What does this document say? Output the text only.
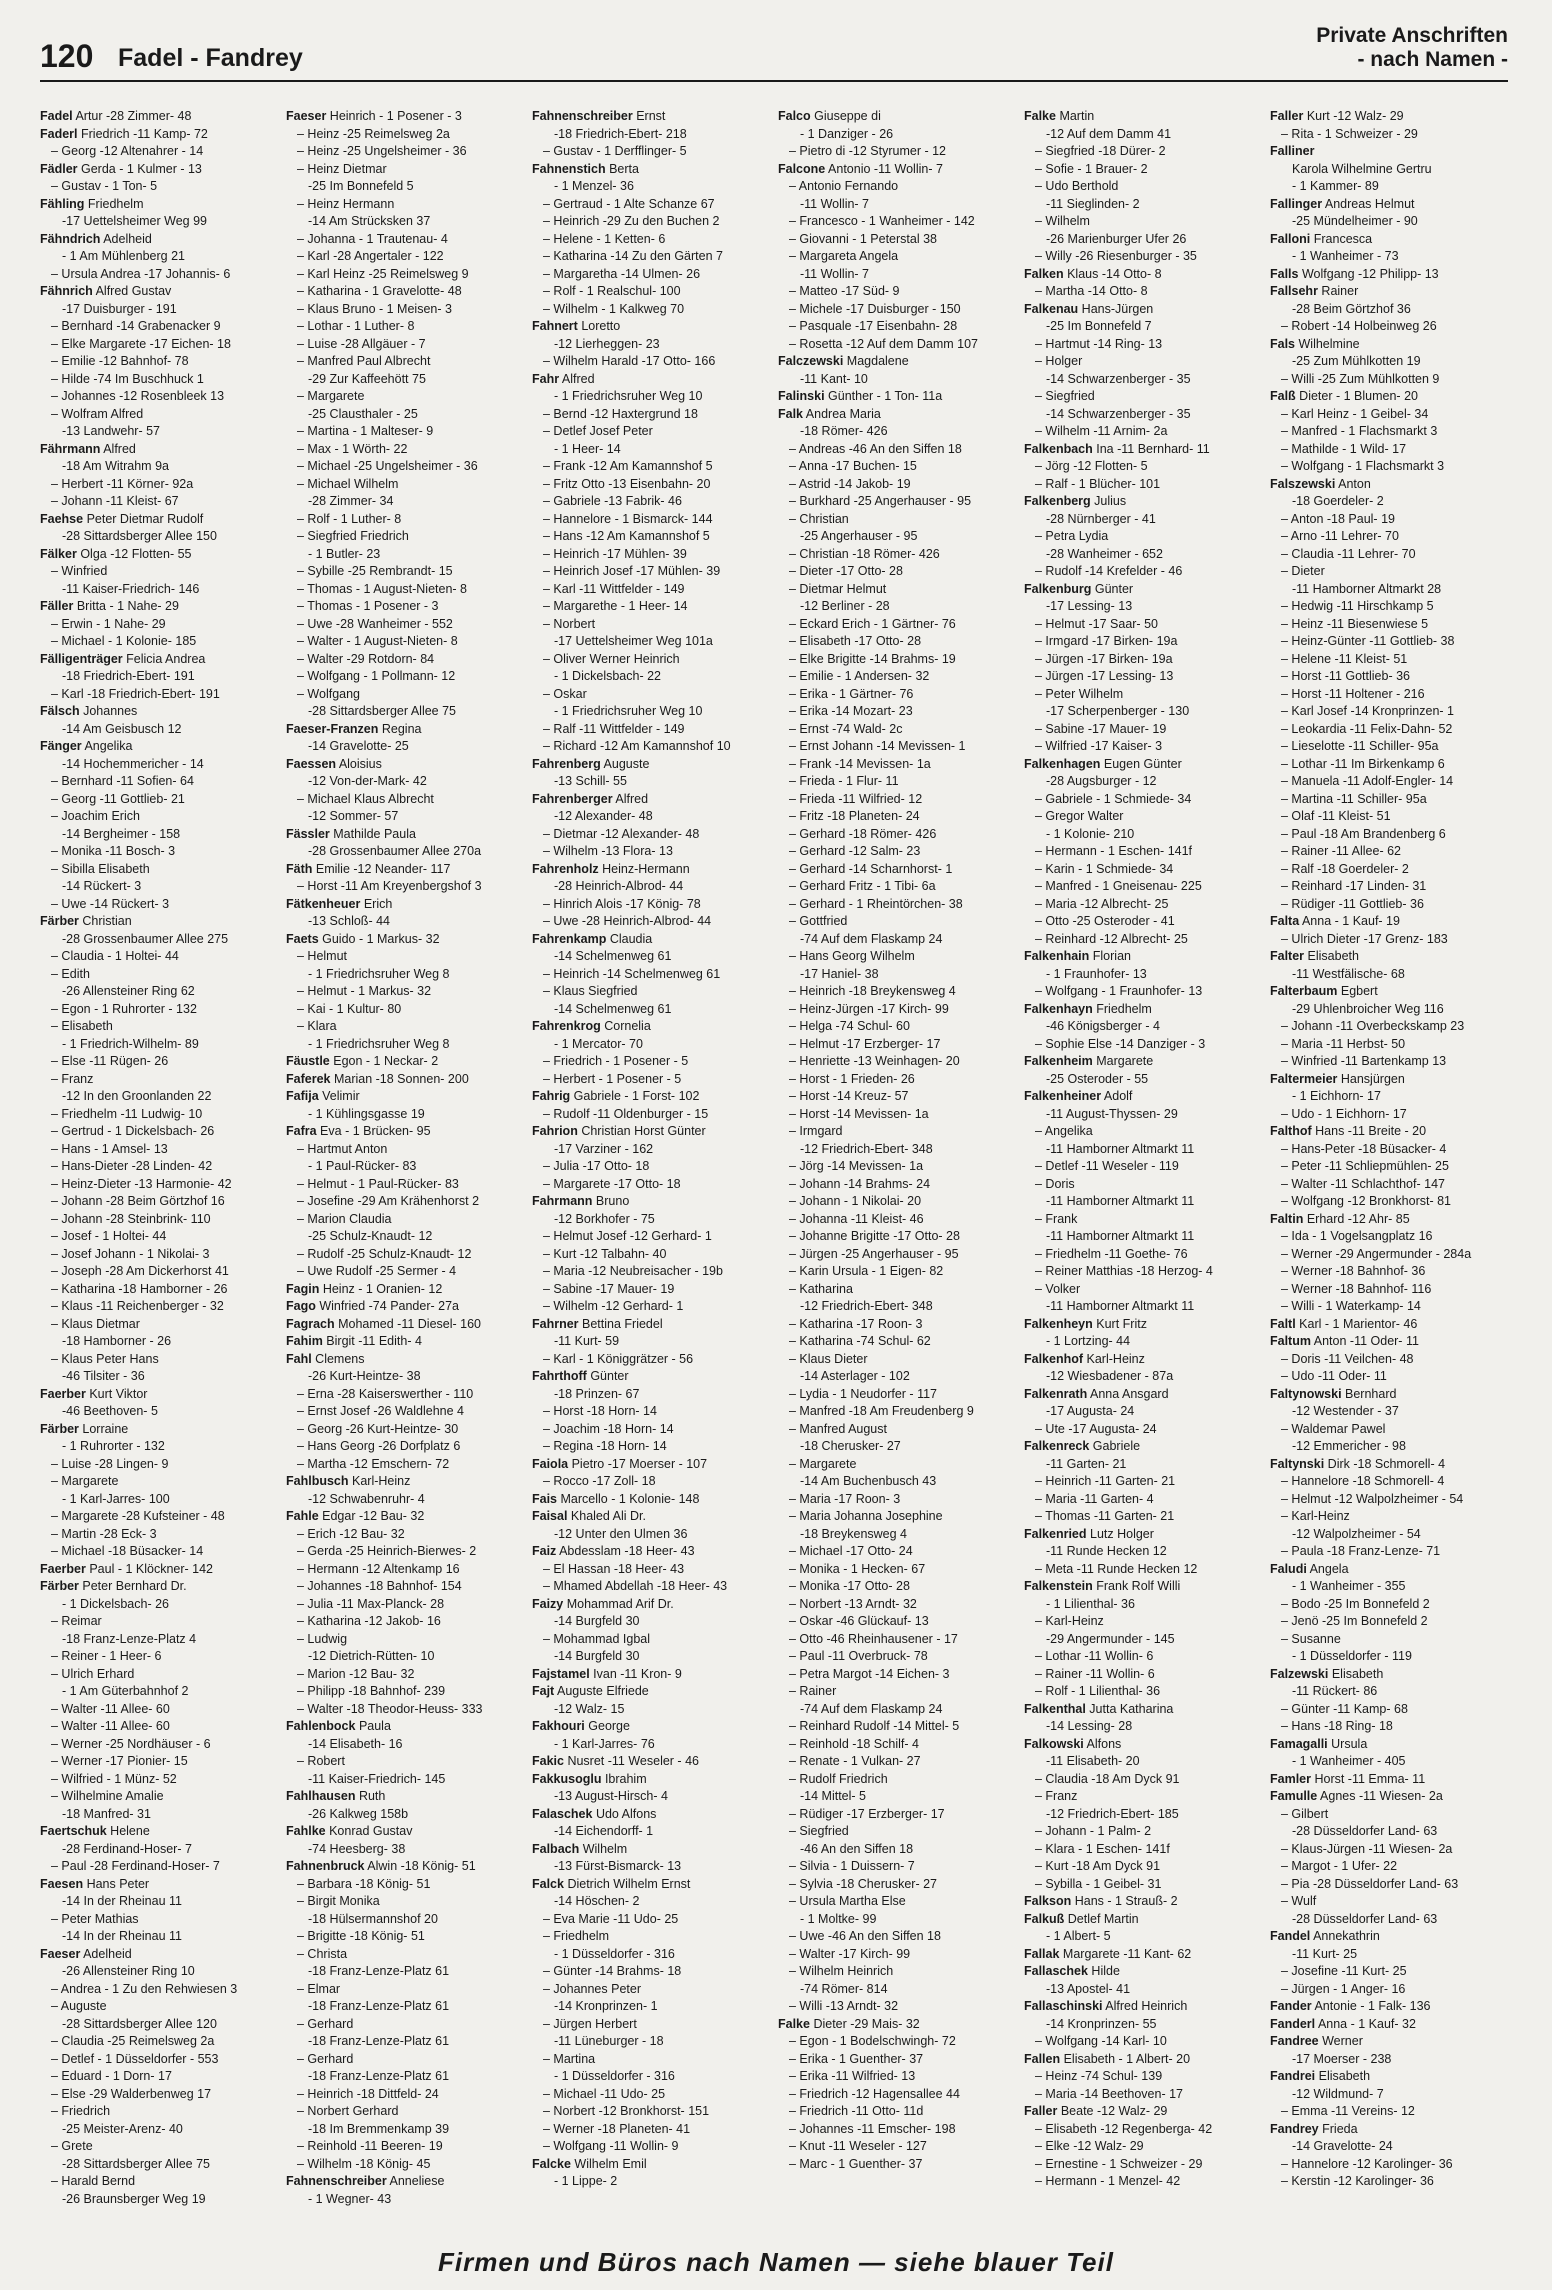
120 Fadel - Fandrey
Private Anschriften
- nach Namen -
Fadel Artur -28 Zimmer- 48
Faderl Friedrich -11 Kamp- 72
– Georg -12 Altenahrer - 14
Fädler Gerda - 1 Kulmer - 13
– Gustav - 1 Ton- 5
Fähling Friedhelm
-17 Uettelsheimer Weg 99
Fähndrich Adelheid
- 1 Am Mühlenberg 21
– Ursula Andrea -17 Johannis- 6
Fähnrich Alfred Gustav
-17 Duisburger - 191
– Bernhard -14 Grabenacker 9
– Elke Margarete -17 Eichen- 18
– Emilie -12 Bahnhof- 78
– Hilde -74 Im Buschhuck 1
– Johannes -12 Rosenbleek 13
– Wolfram Alfred
-13 Landwehr- 57
Fährmann Alfred
-18 Am Witrahm 9a
– Herbert -11 Körner- 92a
– Johann -11 Kleist- 67
Faehse Peter Dietmar Rudolf
-28 Sittardsberger Allee 150
Fälker Olga -12 Flotten- 55
– Winfried
-11 Kaiser-Friedrich- 146
Fäller Britta - 1 Nahe- 29
– Erwin - 1 Nahe- 29
– Michael - 1 Kolonie- 185
Fälligenträger Felicia Andrea
-18 Friedrich-Ebert- 191
– Karl -18 Friedrich-Ebert- 191
Fälsch Johannes
-14 Am Geisbusch 12
Fänger Angelika
-14 Hochemmericher - 14
– Bernhard -11 Sofien- 64
– Georg -11 Gottlieb- 21
– Joachim Erich
-14 Bergheimer - 158
– Monika -11 Bosch- 3
– Sibilla Elisabeth
-14 Rückert- 3
– Uwe -14 Rückert- 3
Färber Christian
-28 Grossenbaumer Allee 275
– Claudia - 1 Holtei- 44
– Edith
-26 Allensteiner Ring 62
– Egon - 1 Ruhrorter - 132
– Elisabeth
- 1 Friedrich-Wilhelm- 89
– Else -11 Rügen- 26
– Franz
-12 In den Groonlanden 22
– Friedhelm -11 Ludwig- 10
– Gertrud - 1 Dickelsbach- 26
– Hans - 1 Amsel- 13
– Hans-Dieter -28 Linden- 42
– Heinz-Dieter -13 Harmonie- 42
– Johann -28 Beim Görtzhof 16
– Johann -28 Steinbrink- 110
– Josef - 1 Holtei- 44
– Josef Johann - 1 Nikolai- 3
– Joseph -28 Am Dickerhorst 41
– Katharina -18 Hamborner - 26
– Klaus -11 Reichenberger - 32
– Klaus Dietmar
-18 Hamborner - 26
– Klaus Peter Hans
-46 Tilsiter - 36
Faerber Kurt Viktor
-46 Beethoven- 5
Färber Lorraine
- 1 Ruhrorter - 132
– Luise -28 Lingen- 9
– Margarete
- 1 Karl-Jarres- 100
– Margarete -28 Kufsteiner - 48
– Martin -28 Eck- 3
– Michael -18 Büsacker- 14
Faerber Paul - 1 Klöckner- 142
Färber Peter Bernhard Dr.
- 1 Dickelsbach- 26
– Reimar
-18 Franz-Lenze-Platz 4
– Reiner - 1 Heer- 6
– Ulrich Erhard
- 1 Am Güterbahnhof 2
– Walter -11 Allee- 60
– Walter -11 Allee- 60
– Werner -25 Nordhäuser - 6
– Werner -17 Pionier- 15
– Wilfried - 1 Münz- 52
– Wilhelmine Amalie
-18 Manfred- 31
Faertschuk Helene
-28 Ferdinand-Hoser- 7
– Paul -28 Ferdinand-Hoser- 7
Faesen Hans Peter
-14 In der Rheinau 11
– Peter Mathias
-14 In der Rheinau 11
Faeser Adelheid
-26 Allensteiner Ring 10
– Andrea - 1 Zu den Rehwiesen 3
– Auguste
-28 Sittardsberger Allee 120
– Claudia -25 Reimelsweg 2a
– Detlef - 1 Düsseldorfer - 553
– Eduard - 1 Dorn- 17
– Else -29 Walderbenweg 17
– Friedrich
-25 Meister-Arenz- 40
– Grete
-28 Sittardsberger Allee 75
– Harald Bernd
-26 Braunsberger Weg 19
Faeser Heinrich - 1 Posener - 3
– Heinz -25 Reimelsweg 2a
– Heinz -25 Ungelsheimer - 36
– Heinz Dietmar
-25 Im Bonnefeld 5
– Heinz Hermann
-14 Am Strücksken 37
– Johanna - 1 Trautenau- 4
– Karl -28 Angertaler - 122
– Karl Heinz -25 Reimelsweg 9
– Katharina - 1 Gravelotte- 48
– Klaus Bruno - 1 Meisen- 3
– Lothar - 1 Luther- 8
– Luise -28 Allgäuer - 7
– Manfred Paul Albrecht
-29 Zur Kaffeehött 75
– Margarete
-25 Clausthaler - 25
– Martina - 1 Malteser- 9
– Max - 1 Wörth- 22
– Michael -25 Ungelsheimer - 36
– Michael Wilhelm
-28 Zimmer- 34
– Rolf - 1 Luther- 8
– Siegfried Friedrich
- 1 Butler- 23
– Sybille -25 Rembrandt- 15
– Thomas - 1 August-Nieten- 8
– Thomas - 1 Posener - 3
– Uwe -28 Wanheimer - 552
– Walter - 1 August-Nieten- 8
– Walter -29 Rotdorn- 84
– Wolfgang - 1 Pollmann- 12
– Wolfgang
-28 Sittardsberger Allee 75
Faeser-Franzen Regina
-14 Gravelotte- 25
Faessen Aloisius
-12 Von-der-Mark- 42
– Michael Klaus Albrecht
-12 Sommer- 57
Fässler Mathilde Paula
-28 Grossenbaumer Allee 270a
Fäth Emilie -12 Neander- 117
– Horst -11 Am Kreyenbergshof 3
Fätkenheuer Erich
-13 Schloß- 44
Faets Guido - 1 Markus- 32
– Helmut
- 1 Friedrichsruher Weg 8
– Helmut - 1 Markus- 32
– Kai - 1 Kultur- 80
– Klara
- 1 Friedrichsruher Weg 8
Fäustle Egon - 1 Neckar- 2
Faferek Marian -18 Sonnen- 200
Fafija Velimir
- 1 Kühlingsgasse 19
Fafra Eva - 1 Brücken- 95
– Hartmut Anton
- 1 Paul-Rücker- 83
– Helmut - 1 Paul-Rücker- 83
– Josefine -29 Am Krähenhorst 2
– Marion Claudia
-25 Schulz-Knaudt- 12
– Rudolf -25 Schulz-Knaudt- 12
– Uwe Rudolf -25 Sermer - 4
Fagin Heinz - 1 Oranien- 12
Fago Winfried -74 Pander- 27a
Fagrach Mohamed -11 Diesel- 160
Fahim Birgit -11 Edith- 4
Fahl Clemens
-26 Kurt-Heintze- 38
– Erna -28 Kaiserswerther - 110
– Ernst Josef -26 Waldlehne 4
– Georg -26 Kurt-Heintze- 30
– Hans Georg -26 Dorfplatz 6
– Martha -12 Emschern- 72
Fahlbusch Karl-Heinz
-12 Schwabenruhr- 4
Fahle Edgar -12 Bau- 32
– Erich -12 Bau- 32
– Gerda -25 Heinrich-Bierwes- 2
– Hermann -12 Altenkamp 16
– Johannes -18 Bahnhof- 154
– Julia -11 Max-Planck- 28
– Katharina -12 Jakob- 16
– Ludwig
-12 Dietrich-Rütten- 10
– Marion -12 Bau- 32
– Philipp -18 Bahnhof- 239
– Walter -18 Theodor-Heuss- 333
Fahlenbock Paula
-14 Elisabeth- 16
– Robert
-11 Kaiser-Friedrich- 145
Fahlhausen Ruth
-26 Kalkweg 158b
Fahlke Konrad Gustav
-74 Heesberg- 38
Fahnenbruck Alwin -18 König- 51
– Barbara -18 König- 51
– Birgit Monika
-18 Hülsermannshof 20
– Brigitte -18 König- 51
– Christa
-18 Franz-Lenze-Platz 61
– Elmar
-18 Franz-Lenze-Platz 61
– Gerhard
-18 Franz-Lenze-Platz 61
– Gerhard
-18 Franz-Lenze-Platz 61
– Heinrich -18 Dittfeld- 24
– Norbert Gerhard
-18 Im Bremmenkamp 39
– Reinhold -11 Beeren- 19
– Wilhelm -18 König- 45
Fahnenschreiber Anneliese
- 1 Wegner- 43
Fahnenschreiber Ernst
-18 Friedrich-Ebert- 218
– Gustav - 1 Derfflinger- 5
Fahnenstich Berta
- 1 Menzel- 36
– Gertraud - 1 Alte Schanze 67
– Heinrich -29 Zu den Buchen 2
– Helene - 1 Ketten- 6
– Katharina -14 Zu den Gärten 7
– Margaretha -14 Ulmen- 26
– Rolf - 1 Realschul- 100
– Wilhelm - 1 Kalkweg 70
Fahnert Loretto
-12 Lierheggen- 23
– Wilhelm Harald -17 Otto- 166
Fahr Alfred
- 1 Friedrichsruher Weg 10
– Bernd -12 Haxtergrund 18
– Detlef Josef Peter
- 1 Heer- 14
– Frank -12 Am Kamannshof 5
– Fritz Otto -13 Eisenbahn- 20
– Gabriele -13 Fabrik- 46
– Hannelore - 1 Bismarck- 144
– Hans -12 Am Kamannshof 5
– Heinrich -17 Mühlen- 39
– Heinrich Josef -17 Mühlen- 39
– Karl -11 Wittfelder - 149
– Margarethe - 1 Heer- 14
– Norbert
-17 Uettelsheimer Weg 101a
– Oliver Werner Heinrich
- 1 Dickelsbach- 22
– Oskar
- 1 Friedrichsruher Weg 10
– Ralf -11 Wittfelder - 149
– Richard -12 Am Kamannshof 10
Fahrenberg Auguste
-13 Schill- 55
Fahrenberger Alfred
-12 Alexander- 48
– Dietmar -12 Alexander- 48
– Wilhelm -13 Flora- 13
Fahrenholz Heinz-Hermann
-28 Heinrich-Albrod- 44
– Hinrich Alois -17 König- 78
– Uwe -28 Heinrich-Albrod- 44
Fahrenkamp Claudia
-14 Schelmenweg 61
– Heinrich -14 Schelmenweg 61
– Klaus Siegfried
-14 Schelmenweg 61
Fahrenkrog Cornelia
- 1 Mercator- 70
– Friedrich - 1 Posener - 5
– Herbert - 1 Posener - 5
Fahrig Gabriele - 1 Forst- 102
– Rudolf -11 Oldenburger - 15
Fahrion Christian Horst Günter
-17 Varziner - 162
– Julia -17 Otto- 18
– Margarete -17 Otto- 18
Fahrmann Bruno
-12 Borkhofer - 75
– Helmut Josef -12 Gerhard- 1
– Kurt -12 Talbahn- 40
– Maria -12 Neubreisacher - 19b
– Sabine -17 Mauer- 19
– Wilhelm -12 Gerhard- 1
Fahrner Bettina Friedel
-11 Kurt- 59
– Karl - 1 Königgrätzer - 56
Fahrthoff Günter
-18 Prinzen- 67
– Horst -18 Horn- 14
– Joachim -18 Horn- 14
– Regina -18 Horn- 14
Faiola Pietro -17 Moerser - 107
– Rocco -17 Zoll- 18
Fais Marcello - 1 Kolonie- 148
Faisal Khaled Ali Dr.
-12 Unter den Ulmen 36
Faiz Abdesslam -18 Heer- 43
– El Hassan -18 Heer- 43
– Mhamed Abdellah -18 Heer- 43
Faizy Mohammad Arif Dr.
-14 Burgfeld 30
– Mohammad Igbal
-14 Burgfeld 30
Fajstamel Ivan -11 Kron- 9
Fajt Auguste Elfriede
-12 Walz- 15
Fakhouri George
- 1 Karl-Jarres- 76
Fakic Nusret -11 Weseler - 46
Fakkusoglu Ibrahim
-13 August-Hirsch- 4
Falaschek Udo Alfons
-14 Eichendorff- 1
Falbach Wilhelm
-13 Fürst-Bismarck- 13
Falck Dietrich Wilhelm Ernst
-14 Höschen- 2
– Eva Marie -11 Udo- 25
– Friedhelm
- 1 Düsseldorfer - 316
– Günter -14 Brahms- 18
– Johannes Peter
-14 Kronprinzen- 1
– Jürgen Herbert
-11 Lüneburger - 18
– Martina
- 1 Düsseldorfer - 316
– Michael -11 Udo- 25
– Norbert -12 Bronkhorst- 151
– Werner -18 Planeten- 41
– Wolfgang -11 Wollin- 9
Falcke Wilhelm Emil
- 1 Lippe- 2
Falco Giuseppe di
- 1 Danziger - 26
– Pietro di -12 Styrumer - 12
Falcone Antonio -11 Wollin- 7
– Antonio Fernando
-11 Wollin- 7
– Francesco - 1 Wanheimer - 142
– Giovanni - 1 Peterstal 38
– Margareta Angela
-11 Wollin- 7
– Matteo -17 Süd- 9
– Michele -17 Duisburger - 150
– Pasquale -17 Eisenbahn- 28
– Rosetta -12 Auf dem Damm 107
Falczewski Magdalene
-11 Kant- 10
Falinski Günther - 1 Ton- 11a
Falk Andrea Maria
-18 Römer- 426
– Andreas -46 An den Siffen 18
– Anna -17 Buchen- 15
– Astrid -14 Jakob- 19
– Burkhard -25 Angerhauser - 95
– Christian
-25 Angerhauser - 95
– Christian -18 Römer- 426
– Dieter -17 Otto- 28
– Dietmar Helmut
-12 Berliner - 28
– Eckard Erich - 1 Gärtner- 76
– Elisabeth -17 Otto- 28
– Elke Brigitte -14 Brahms- 19
– Emilie - 1 Andersen- 32
– Erika - 1 Gärtner- 76
– Erika -14 Mozart- 23
– Ernst -74 Wald- 2c
– Ernst Johann -14 Mevissen- 1
– Frank -14 Mevissen- 1a
– Frieda - 1 Flur- 11
– Frieda -11 Wilfried- 12
– Fritz -18 Planeten- 24
– Gerhard -18 Römer- 426
– Gerhard -12 Salm- 23
– Gerhard -14 Scharnhorst- 1
– Gerhard Fritz - 1 Tibi- 6a
– Gerhard - 1 Rheintörchen- 38
– Gottfried
-74 Auf dem Flaskamp 24
– Hans Georg Wilhelm
-17 Haniel- 38
– Heinrich -18 Breykensweg 4
– Heinz-Jürgen -17 Kirch- 99
– Helga -74 Schul- 60
– Helmut -17 Erzberger- 17
– Henriette -13 Weinhagen- 20
– Horst - 1 Frieden- 26
– Horst -14 Kreuz- 57
– Horst -14 Mevissen- 1a
– Irmgard
-12 Friedrich-Ebert- 348
– Jörg -14 Mevissen- 1a
– Johann -14 Brahms- 24
– Johann - 1 Nikolai- 20
– Johanna -11 Kleist- 46
– Johanne Brigitte -17 Otto- 28
– Jürgen -25 Angerhauser - 95
– Karin Ursula - 1 Eigen- 82
– Katharina
-12 Friedrich-Ebert- 348
– Katharina -17 Roon- 3
– Katharina -74 Schul- 62
– Klaus Dieter
-14 Asterlager - 102
– Lydia - 1 Neudorfer - 117
– Manfred -18 Am Freudenberg 9
– Manfred August
-18 Cherusker- 27
– Margarete
-14 Am Buchenbusch 43
– Maria -17 Roon- 3
– Maria Johanna Josephine
-18 Breykensweg 4
– Michael -17 Otto- 24
– Monika - 1 Hecken- 67
– Monika -17 Otto- 28
– Norbert -13 Arndt- 32
– Oskar -46 Glückauf- 13
– Otto -46 Rheinhausener - 17
– Paul -11 Overbruck- 78
– Petra Margot -14 Eichen- 3
– Rainer
-74 Auf dem Flaskamp 24
– Reinhard Rudolf -14 Mittel- 5
– Reinhold -18 Schilf- 4
– Renate - 1 Vulkan- 27
– Rudolf Friedrich
-14 Mittel- 5
– Rüdiger -17 Erzberger- 17
– Siegfried
-46 An den Siffen 18
– Silvia - 1 Duissern- 7
– Sylvia -18 Cherusker- 27
– Ursula Martha Else
- 1 Moltke- 99
– Uwe -46 An den Siffen 18
– Walter -17 Kirch- 99
– Wilhelm Heinrich
-74 Römer- 814
– Willi -13 Arndt- 32
Falke Dieter -29 Mais- 32
– Egon - 1 Bodelschwingh- 72
– Erika - 1 Guenther- 37
– Erika -11 Wilfried- 13
– Friedrich -12 Hagensallee 44
– Friedrich -11 Otto- 11d
– Johannes -11 Emscher- 198
– Knut -11 Weseler - 127
– Marc - 1 Guenther- 37
Falke Martin
-12 Auf dem Damm 41
– Siegfried -18 Dürer- 2
– Sofie - 1 Brauer- 2
– Udo Berthold
-11 Sieglinden- 2
– Wilhelm
-26 Marienburger Ufer 26
– Willy -26 Riesenburger - 35
Falken Klaus -14 Otto- 8
– Martha -14 Otto- 8
Falkenau Hans-Jürgen
-25 Im Bonnefeld 7
– Hartmut -14 Ring- 13
– Holger
-14 Schwarzenberger - 35
– Siegfried
-14 Schwarzenberger - 35
– Wilhelm -11 Arnim- 2a
Falkenbach Ina -11 Bernhard- 11
– Jörg -12 Flotten- 5
– Ralf - 1 Blücher- 101
Falkenberg Julius
-28 Nürnberger - 41
– Petra Lydia
-28 Wanheimer - 652
– Rudolf -14 Krefelder - 46
Falkenburg Günter
-17 Lessing- 13
– Helmut -17 Saar- 50
– Irmgard -17 Birken- 19a
– Jürgen -17 Birken- 19a
– Jürgen -17 Lessing- 13
– Peter Wilhelm
-17 Scherpenberger - 130
– Sabine -17 Mauer- 19
– Wilfried -17 Kaiser- 3
Falkenhagen Eugen Günter
-28 Augsburger - 12
– Gabriele - 1 Schmiede- 34
– Gregor Walter
- 1 Kolonie- 210
– Hermann - 1 Eschen- 141f
– Karin - 1 Schmiede- 34
– Manfred - 1 Gneisenau- 225
– Maria -12 Albrecht- 25
– Otto -25 Osteroder - 41
– Reinhard -12 Albrecht- 25
Falkenhain Florian
- 1 Fraunhofer- 13
– Wolfgang - 1 Fraunhofer- 13
Falkenhayn Friedhelm
-46 Königsberger - 4
– Sophie Else -14 Danziger - 3
Falkenheim Margarete
-25 Osteroder - 55
Falkenheiner Adolf
-11 August-Thyssen- 29
– Angelika
-11 Hamborner Altmarkt 11
– Detlef -11 Weseler - 119
– Doris
-11 Hamborner Altmarkt 11
– Frank
-11 Hamborner Altmarkt 11
– Friedhelm -11 Goethe- 76
– Reiner Matthias -18 Herzog- 4
– Volker
-11 Hamborner Altmarkt 11
Falkenheyn Kurt Fritz
- 1 Lortzing- 44
Falkenhof Karl-Heinz
-12 Wiesbadener - 87a
Falkenrath Anna Ansgard
-17 Augusta- 24
– Ute -17 Augusta- 24
Falkenreck Gabriele
-11 Garten- 21
– Heinrich -11 Garten- 21
– Maria -11 Garten- 4
– Thomas -11 Garten- 21
Falkenried Lutz Holger
-11 Runde Hecken 12
– Meta -11 Runde Hecken 12
Falkenstein Frank Rolf Willi
- 1 Lilienthal- 36
– Karl-Heinz
-29 Angermunder - 145
– Lothar -11 Wollin- 6
– Rainer -11 Wollin- 6
– Rolf - 1 Lilienthal- 36
Falkenthal Jutta Katharina
-14 Lessing- 28
Falkowski Alfons
-11 Elisabeth- 20
– Claudia -18 Am Dyck 91
– Franz
-12 Friedrich-Ebert- 185
– Johann - 1 Palm- 2
– Klara - 1 Eschen- 141f
– Kurt -18 Am Dyck 91
– Sybilla - 1 Geibel- 31
Falkson Hans - 1 Strauß- 2
Falkuß Detlef Martin
- 1 Albert- 5
Fallak Margarete -11 Kant- 62
Fallaschek Hilde
-13 Apostel- 41
Fallaschinski Alfred Heinrich
-14 Kronprinzen- 55
– Wolfgang -14 Karl- 10
Fallen Elisabeth - 1 Albert- 20
– Heinz -74 Schul- 139
– Maria -14 Beethoven- 17
Faller Beate -12 Walz- 29
– Elisabeth -12 Regenberga- 42
– Elke -12 Walz- 29
– Ernestine - 1 Schweizer - 29
– Hermann - 1 Menzel- 42
Faller Kurt -12 Walz- 29
– Rita - 1 Schweizer - 29
Falliner
Karola Wilhelmine Gertru
- 1 Kammer- 89
Fallinger Andreas Helmut
-25 Mündelheimer - 90
Falloni Francesca
- 1 Wanheimer - 73
Falls Wolfgang -12 Philipp- 13
Fallsehr Rainer
-28 Beim Görtzhof 36
– Robert -14 Holbeinweg 26
Fals Wilhelmine
-25 Zum Mühlkotten 19
– Willi -25 Zum Mühlkotten 9
Falß Dieter - 1 Blumen- 20
– Karl Heinz - 1 Geibel- 34
– Manfred - 1 Flachsmarkt 3
– Mathilde - 1 Wild- 17
– Wolfgang - 1 Flachsmarkt 3
Falszewski Anton
-18 Goerdeler- 2
– Anton -18 Paul- 19
– Arno -11 Lehrer- 70
– Claudia -11 Lehrer- 70
– Dieter
-11 Hamborner Altmarkt 28
– Hedwig -11 Hirschkamp 5
– Heinz -11 Biesenwiese 5
– Heinz-Günter -11 Gottlieb- 38
– Helene -11 Kleist- 51
– Horst -11 Gottlieb- 36
– Horst -11 Holtener - 216
– Karl Josef -14 Kronprinzen- 1
– Leokardia -11 Felix-Dahn- 52
– Lieselotte -11 Schiller- 95a
– Lothar -11 Im Birkenkamp 6
– Manuela -11 Adolf-Engler- 14
– Martina -11 Schiller- 95a
– Olaf -11 Kleist- 51
– Paul -18 Am Brandenberg 6
– Rainer -11 Allee- 62
– Ralf -18 Goerdeler- 2
– Reinhard -17 Linden- 31
– Rüdiger -11 Gottlieb- 36
Falta Anna - 1 Kauf- 19
– Ulrich Dieter -17 Grenz- 183
Falter Elisabeth
-11 Westfälische- 68
Falterbaum Egbert
-29 Uhlenbroicher Weg 116
– Johann -11 Overbeckskamp 23
– Maria -11 Herbst- 50
– Winfried -11 Bartenkamp 13
Faltermeier Hansjürgen
- 1 Eichhorn- 17
– Udo - 1 Eichhorn- 17
Falthof Hans -11 Breite - 20
– Hans-Peter -18 Büsacker- 4
– Peter -11 Schliepmühlen- 25
– Walter -11 Schlachthof- 147
– Wolfgang -12 Bronkhorst- 81
Faltin Erhard -12 Ahr- 85
– Ida - 1 Vogelsangplatz 16
– Werner -29 Angermunder - 284a
– Werner -18 Bahnhof- 36
– Werner -18 Bahnhof- 116
– Willi - 1 Waterkamp- 14
Faltl Karl - 1 Marientor- 46
Faltum Anton -11 Oder- 11
– Doris -11 Veilchen- 48
– Udo -11 Oder- 11
Faltynowski Bernhard
-12 Westender - 37
– Waldemar Pawel
-12 Emmericher - 98
Faltynski Dirk -18 Schmorell- 4
– Hannelore -18 Schmorell- 4
– Helmut -12 Walpolzheimer - 54
– Karl-Heinz
-12 Walpolzheimer - 54
– Paula -18 Franz-Lenze- 71
Faludi Angela
- 1 Wanheimer - 355
– Bodo -25 Im Bonnefeld 2
– Jenö -25 Im Bonnefeld 2
– Susanne
- 1 Düsseldorfer - 119
Falzewski Elisabeth
-11 Rückert- 86
– Günter -11 Kamp- 68
– Hans -18 Ring- 18
Famagalli Ursula
- 1 Wanheimer - 405
Famler Horst -11 Emma- 11
Famulle Agnes -11 Wiesen- 2a
– Gilbert
-28 Düsseldorfer Land- 63
– Klaus-Jürgen -11 Wiesen- 2a
– Margot - 1 Ufer- 22
– Pia -28 Düsseldorfer Land- 63
– Wulf
-28 Düsseldorfer Land- 63
Fandel Annekathrin
-11 Kurt- 25
– Josefine -11 Kurt- 25
– Jürgen - 1 Anger- 16
Fander Antonie - 1 Falk- 136
Fanderl Anna - 1 Kauf- 32
Fandree Werner
-17 Moerser - 238
Fandrei Elisabeth
-12 Wildmund- 7
– Emma -11 Vereins- 12
Fandrey Frieda
-14 Gravelotte- 24
– Hannelore -12 Karolinger- 36
– Kerstin -12 Karolinger- 36
Firmen und Büros nach Namen — siehe blauer Teil
